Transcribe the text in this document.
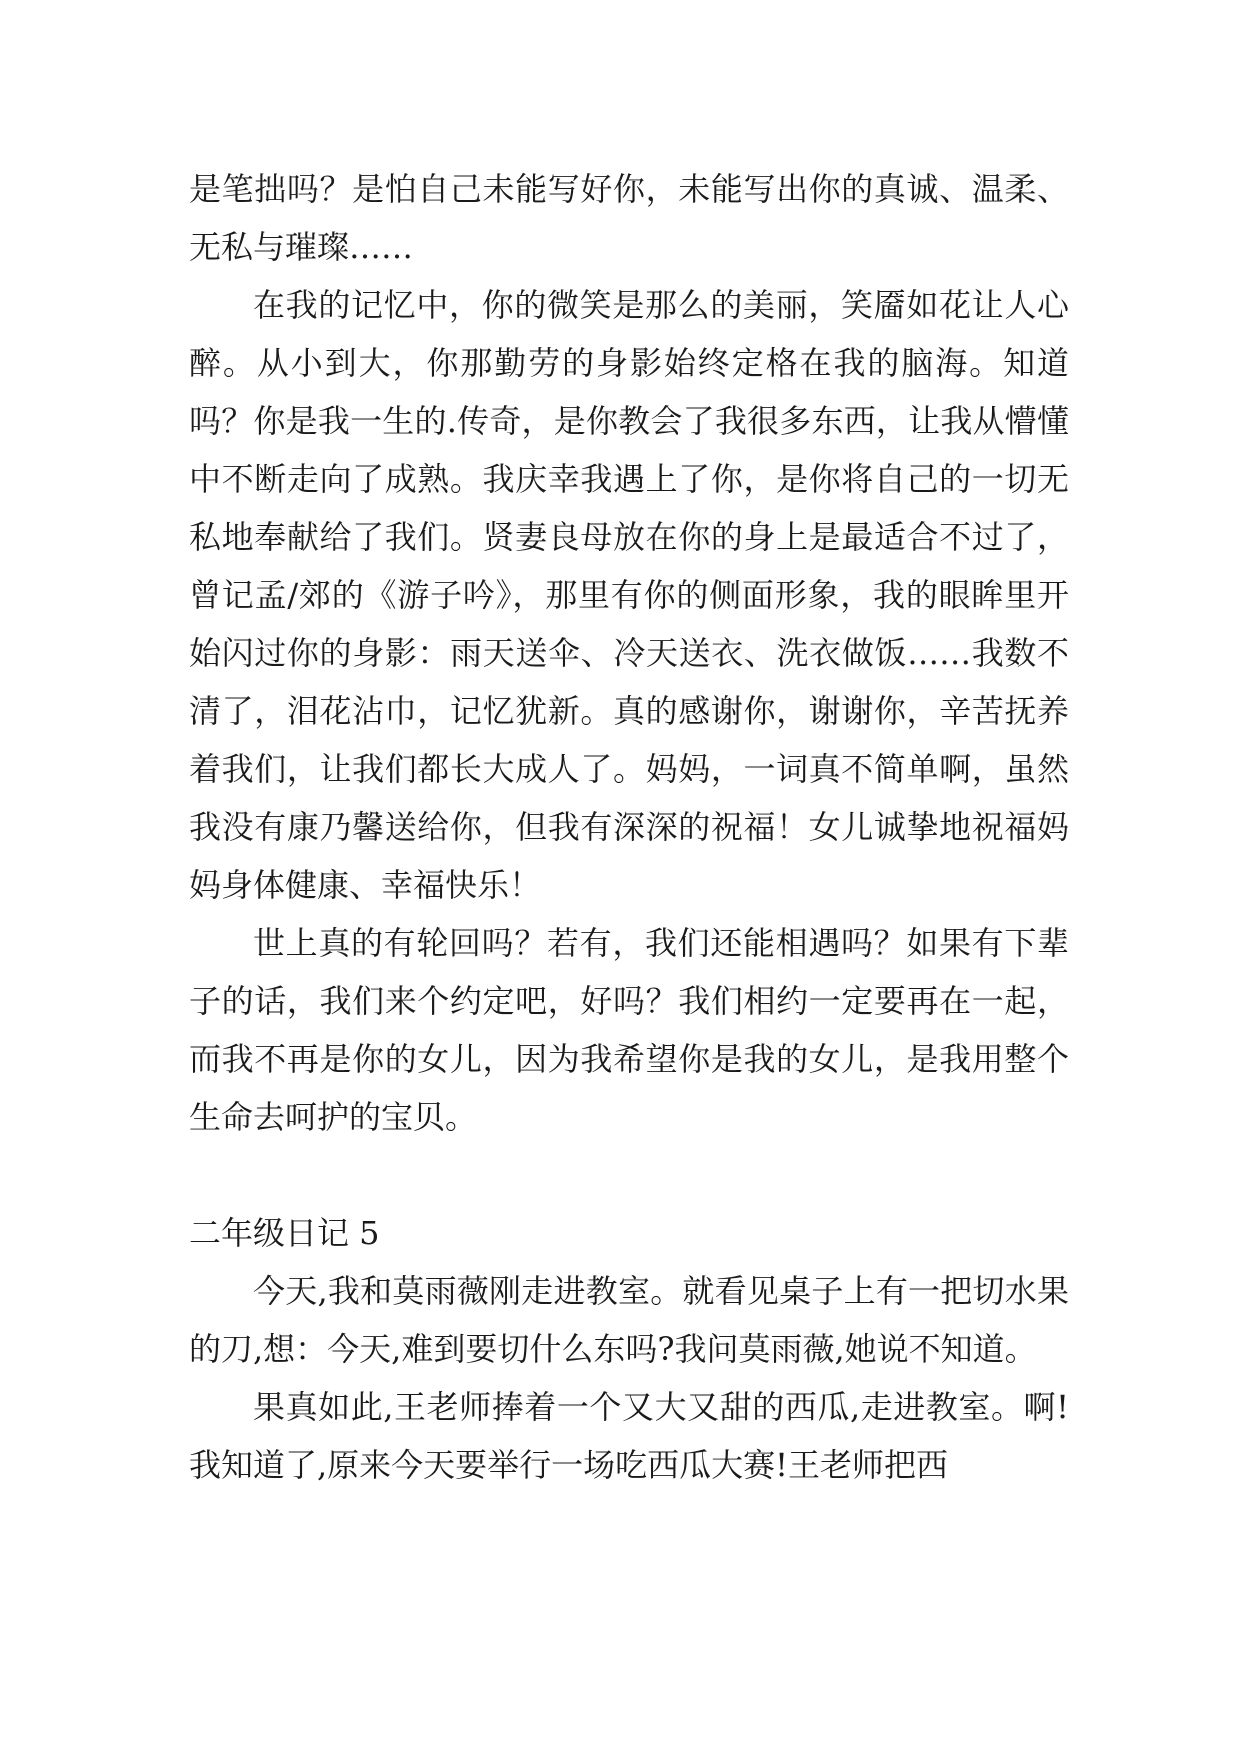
是笔拙吗？是怕自己未能写好你，未能写出你的真诚、温柔、无私与璀璨……

在我的记忆中，你的微笑是那么的美丽，笑靥如花让人心醉。从小到大，你那勤劳的身影始终定格在我的脑海。知道吗？你是我一生的.传奇，是你教会了我很多东西，让我从懵懂中不断走向了成熟。我庆幸我遇上了你，是你将自己的一切无私地奉献给了我们。贤妻良母放在你的身上是最适合不过了，曾记孟/郊的《游子吟》，那里有你的侧面形象，我的眼眸里开始闪过你的身影：雨天送伞、冷天送衣、洗衣做饭……我数不清了，泪花沾巾，记忆犹新。真的感谢你，谢谢你，辛苦抚养着我们，让我们都长大成人了。妈妈，一词真不简单啊，虽然我没有康乃馨送给你，但我有深深的祝福！女儿诚挚地祝福妈妈身体健康、幸福快乐！

世上真的有轮回吗？若有，我们还能相遇吗？如果有下辈子的话，我们来个约定吧，好吗？我们相约一定要再在一起，而我不再是你的女儿，因为我希望你是我的女儿，是我用整个生命去呵护的宝贝。

二年级日记 5

今天,我和莫雨薇刚走进教室。就看见桌子上有一把切水果的刀,想：今天,难到要切什么东吗?我问莫雨薇,她说不知道。

果真如此,王老师捧着一个又大又甜的西瓜,走进教室。啊!我知道了,原来今天要举行一场吃西瓜大赛!王老师把西
